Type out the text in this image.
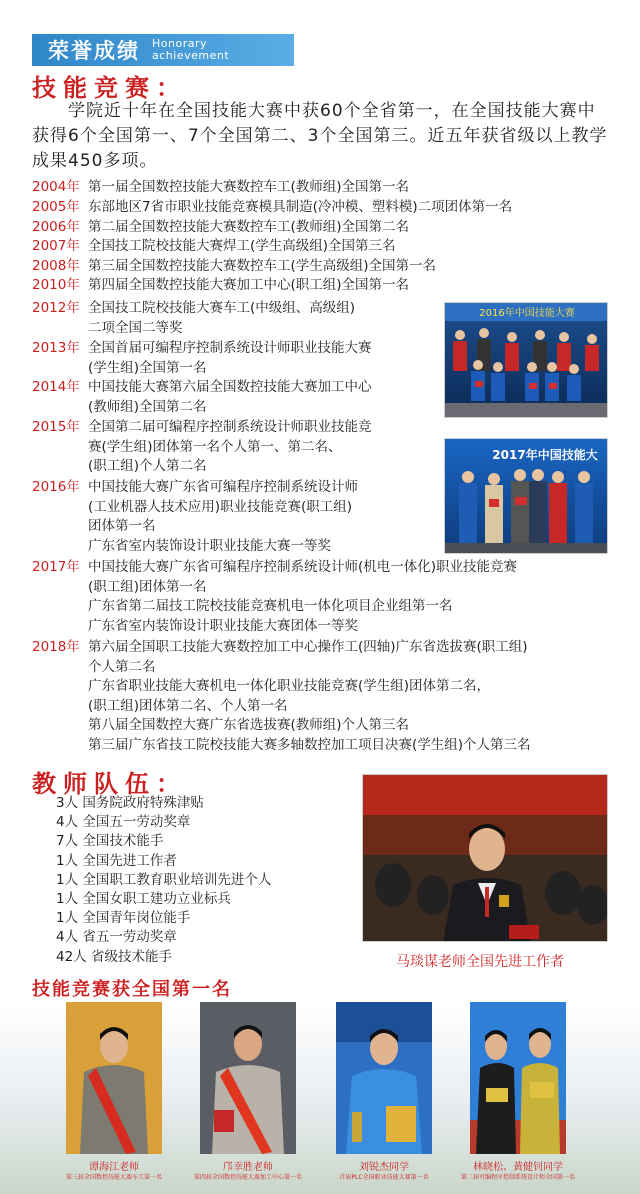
荣誉成绩 Honorary
achievement
技能竞赛：
学院近十年在全国技能大赛中获60个全省第一，在全国技能大赛中获得6个全国第一、7个全国第二、3个全国第三。近五年获省级以上教学成果450多项。
2004年 第一届全国数控技能大赛数控车工(教师组)全国第一名
2005年 东部地区7省市职业技能竞赛模具制造(冷冲模、塑料模)二项团体第一名
2006年 第二届全国数控技能大赛数控车工(教师组)全国第二名
2007年 全国技工院校技能大赛焊工(学生高级组)全国第三名
2008年 第三届全国数控技能大赛数控车工(学生高级组)全国第一名
2010年 第四届全国数控技能大赛加工中心(职工组)全国第一名
2012年 全国技工院校技能大赛车工(中级组、高级组)
二项全国二等奖
2013年 全国首届可编程序控制系统设计师职业技能大赛
(学生组)全国第一名
2014年 中国技能大赛第六届全国数控技能大赛加工中心
(教师组)全国第二名
2015年 全国第二届可编程序控制系统设计师职业技能竞
赛(学生组)团体第一名个人第一、第二名、
(职工组)个人第二名
2016年 中国技能大赛广东省可编程序控制系统设计师
(工业机器人技术应用)职业技能竞赛(职工组)
团体第一名
广东省室内装饰设计职业技能大赛一等奖
2017年 中国技能大赛广东省可编程序控制系统设计师(机电一体化)职业技能竞赛
(职工组)团体第一名
广东省第二届技工院校技能竞赛机电一体化项目企业组第一名
广东省室内装饰设计职业技能大赛团体一等奖
2018年 第六届全国职工技能大赛数控加工中心操作工(四轴)广东省选拔赛(职工组)
个人第二名
广东省职业技能大赛机电一体化职业技能竞赛(学生组)团体第二名，
(职工组)团体第二名、个人第一名
第八届全国数控大赛广东省选拔赛(教师组)个人第三名
第三届广东省技工院校技能大赛多轴数控加工项目决赛(学生组)个人第三名
2016年中国技能大赛
2017年中国技能大
教师队伍：
3人 国务院政府特殊津贴
4人 全国五一劳动奖章
7人 全国技术能手
1人 全国先进工作者
1人 全国职工教育职业培训先进个人
1人 全国女职工建功立业标兵
1人 全国青年岗位能手
4人 省五一劳动奖章
42人 省级技术能手	马琰谋老师全国先进工作者
技能竞赛获全国第一名
谭海江老师
第三届全国数控技能大赛车工第一名
邝幸胜老师
第四届全国数控技能大赛加工中心第一名
刘锐杰同学
首届PLC全国职业技能大赛第一名
林晓松、黄健钊同学
第二届可编程序控制系统设计师全国第一名
